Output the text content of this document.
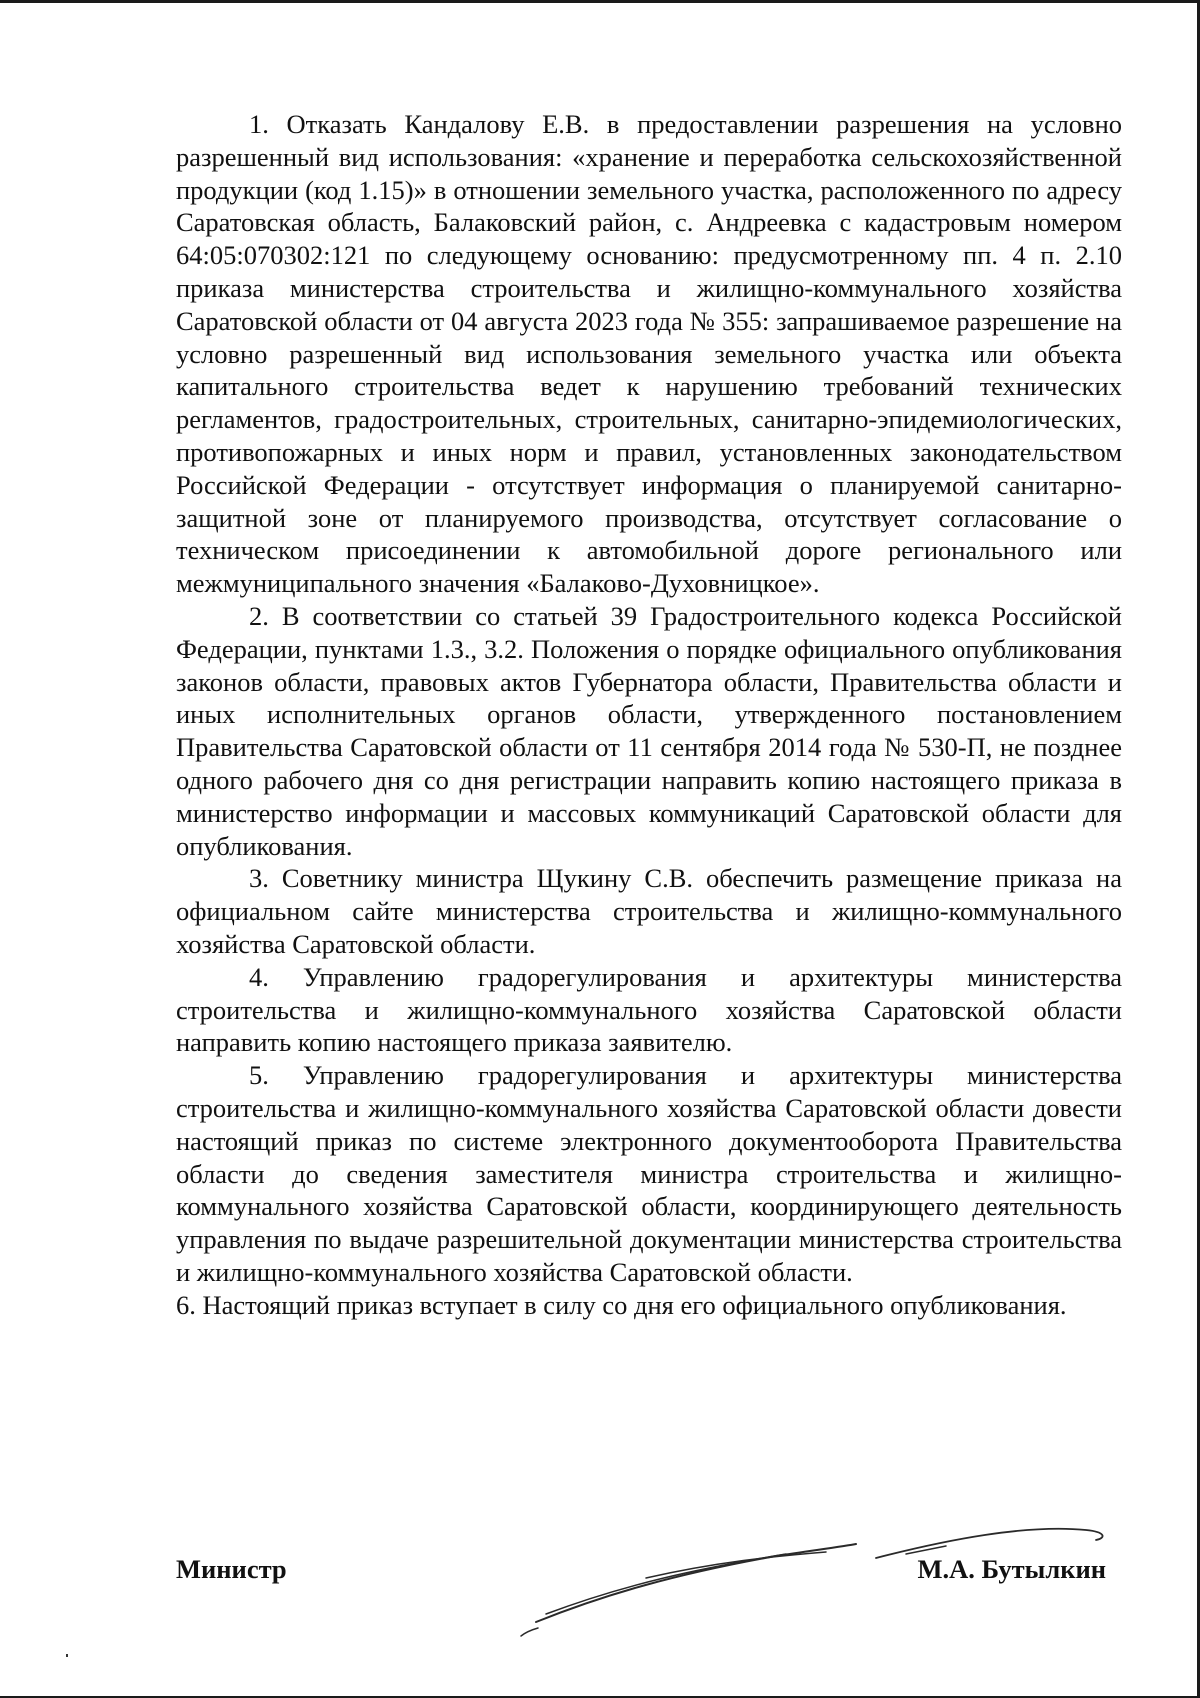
1. Отказать Кандалову Е.В. в предоставлении разрешения на условно разрешенный вид использования: «хранение и переработка сельскохозяйственной продукции (код 1.15)» в отношении земельного участка, расположенного по адресу Саратовская область, Балаковский район, с. Андреевка с кадастровым номером 64:05:070302:121 по следующему основанию: предусмотренному пп. 4 п. 2.10 приказа министерства строительства и жилищно-коммунального хозяйства Саратовской области от 04 августа 2023 года № 355: запрашиваемое разрешение на условно разрешенный вид использования земельного участка или объекта капитального строительства ведет к нарушению требований технических регламентов, градостроительных, строительных, санитарно-эпидемиологических, противопожарных и иных норм и правил, установленных законодательством Российской Федерации - отсутствует информация о планируемой санитарно-защитной зоне от планируемого производства, отсутствует согласование о техническом присоединении к автомобильной дороге регионального или межмуниципального значения «Балаково-Духовницкое».

2. В соответствии со статьей 39 Градостроительного кодекса Российской Федерации, пунктами 1.3., 3.2. Положения о порядке официального опубликования законов области, правовых актов Губернатора области, Правительства области и иных исполнительных органов области, утвержденного постановлением Правительства Саратовской области от 11 сентября 2014 года № 530-П, не позднее одного рабочего дня со дня регистрации направить копию настоящего приказа в министерство информации и массовых коммуникаций Саратовской области для опубликования.

3. Советнику министра Щукину С.В. обеспечить размещение приказа на официальном сайте министерства строительства и жилищно-коммунального хозяйства Саратовской области.

4. Управлению градорегулирования и архитектуры министерства строительства и жилищно-коммунального хозяйства Саратовской области направить копию настоящего приказа заявителю.

5. Управлению градорегулирования и архитектуры министерства строительства и жилищно-коммунального хозяйства Саратовской области довести настоящий приказ по системе электронного документооборота Правительства области до сведения заместителя министра строительства и жилищно-коммунального хозяйства Саратовской области, координирующего деятельность управления по выдаче разрешительной документации министерства строительства и жилищно-коммунального хозяйства Саратовской области.

6. Настоящий приказ вступает в силу со дня его официального опубликования.

Министр	М.А. Бутылкин
